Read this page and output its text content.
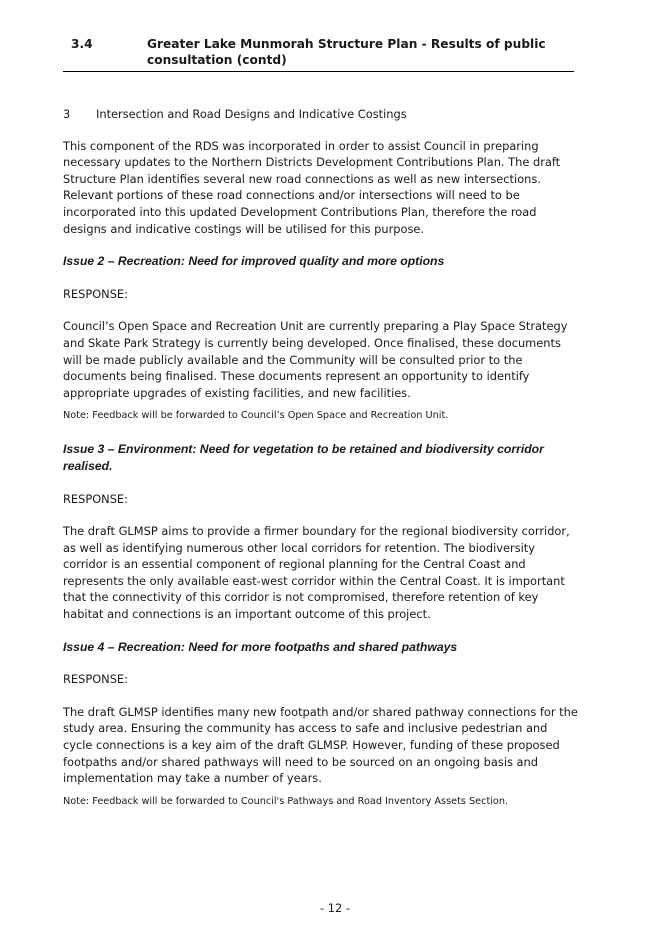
3.4	Greater Lake Munmorah Structure Plan - Results of public consultation (contd)

3 Intersection and Road Designs and Indicative Costings

This component of the RDS was incorporated in order to assist Council in preparing necessary updates to the Northern Districts Development Contributions Plan. The draft Structure Plan identifies several new road connections as well as new intersections. Relevant portions of these road connections and/or intersections will need to be incorporated into this updated Development Contributions Plan, therefore the road designs and indicative costings will be utilised for this purpose.

Issue 2 – Recreation: Need for improved quality and more options

RESPONSE:

Council’s Open Space and Recreation Unit are currently preparing a Play Space Strategy and Skate Park Strategy is currently being developed. Once finalised, these documents will be made publicly available and the Community will be consulted prior to the documents being finalised. These documents represent an opportunity to identify appropriate upgrades of existing facilities, and new facilities.

Note: Feedback will be forwarded to Council’s Open Space and Recreation Unit.

Issue 3 – Environment: Need for vegetation to be retained and biodiversity corridor realised.

RESPONSE:

The draft GLMSP aims to provide a firmer boundary for the regional biodiversity corridor, as well as identifying numerous other local corridors for retention. The biodiversity corridor is an essential component of regional planning for the Central Coast and represents the only available east-west corridor within the Central Coast. It is important that the connectivity of this corridor is not compromised, therefore retention of key habitat and connections is an important outcome of this project.

Issue 4 – Recreation: Need for more footpaths and shared pathways

RESPONSE:

The draft GLMSP identifies many new footpath and/or shared pathway connections for the study area. Ensuring the community has access to safe and inclusive pedestrian and cycle connections is a key aim of the draft GLMSP. However, funding of these proposed footpaths and/or shared pathways will need to be sourced on an ongoing basis and implementation may take a number of years.

Note: Feedback will be forwarded to Council's Pathways and Road Inventory Assets Section.

- 12 -
